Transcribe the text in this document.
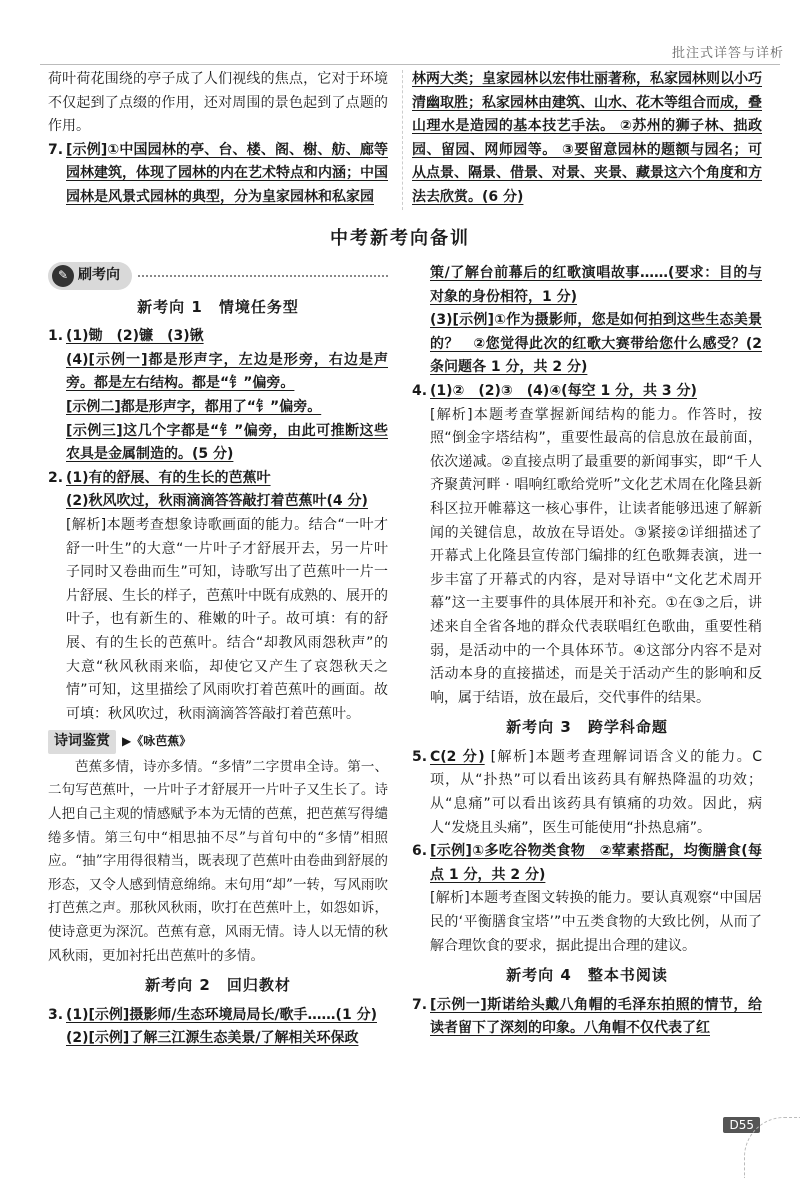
批注式详答与详析

荷叶荷花围绕的亭子成了人们视线的焦点，它对于环境不仅起到了点缀的作用，还对周围的景色起到了点题的作用。

7. [示例]①中国园林的亭、台、楼、阁、榭、舫、廊等园林建筑，体现了园林的内在艺术特点和内涵；中国园林是风景式园林的典型，分为皇家园林和私家园

林两大类；皇家园林以宏伟壮丽著称，私家园林则以小巧清幽取胜；私家园林由建筑、山水、花木等组合而成，叠山理水是造园的基本技艺手法。 ②苏州的狮子林、拙政园、留园、网师园等。 ③要留意园林的题额与园名；可从点景、隔景、借景、对景、夹景、藏景这六个角度和方法去欣赏。(6 分)

中考新考向备训
✎ 刷考向
新考向 1　情境任务型

1. (1)锄　(2)镰　(3)锹

(4)[示例一]都是形声字，左边是形旁，右边是声旁。都是左右结构。都是“钅”偏旁。

[示例二]都是形声字，都用了“钅”偏旁。

[示例三]这几个字都是“钅”偏旁，由此可推断这些农具是金属制造的。(5 分)

2. (1)有的舒展、有的生长的芭蕉叶

(2)秋风吹过，秋雨滴滴答答敲打着芭蕉叶(4 分)

[解析]本题考查想象诗歌画面的能力。结合“一叶才舒一叶生”的大意“一片叶子才舒展开去，另一片叶子同时又卷曲而生”可知，诗歌写出了芭蕉叶一片一片舒展、生长的样子，芭蕉叶中既有成熟的、展开的叶子，也有新生的、稚嫩的叶子。故可填：有的舒展、有的生长的芭蕉叶。结合“却教风雨怨秋声”的大意“秋风秋雨来临，却使它又产生了哀怨秋天之情”可知，这里描绘了风雨吹打着芭蕉叶的画面。故可填：秋风吹过，秋雨滴滴答答敲打着芭蕉叶。

诗词鉴赏	▶《咏芭蕉》

芭蕉多情，诗亦多情。“多情”二字贯串全诗。第一、二句写芭蕉叶，一片叶子才舒展开一片叶子又生长了。诗人把自己主观的情感赋予本为无情的芭蕉，把芭蕉写得缱绻多情。第三句中“相思抽不尽”与首句中的“多情”相照应。“抽”字用得很精当，既表现了芭蕉叶由卷曲到舒展的形态，又令人感到情意绵绵。末句用“却”一转，写风雨吹打芭蕉之声。那秋风秋雨，吹打在芭蕉叶上，如怨如诉，使诗意更为深沉。芭蕉有意，风雨无情。诗人以无情的秋风秋雨，更加衬托出芭蕉叶的多情。

新考向 2　回归教材

3. (1)[示例]摄影师/生态环境局局长/歌手……(1 分)

(2)[示例]了解三江源生态美景/了解相关环保政

策/了解台前幕后的红歌演唱故事……(要求：目的与对象的身份相符，1 分)

(3)[示例]①作为摄影师，您是如何拍到这些生态美景的？　②您觉得此次的红歌大赛带给您什么感受？(2 条问题各 1 分，共 2 分)

4. (1)②　(2)③　(4)④(每空 1 分，共 3 分)

[解析]本题考查掌握新闻结构的能力。作答时，按照“倒金字塔结构”，重要性最高的信息放在最前面，依次递减。②直接点明了最重要的新闻事实，即“千人齐聚黄河畔 · 唱响红歌给党听”文化艺术周在化隆县新科区拉开帷幕这一核心事件，让读者能够迅速了解新闻的关键信息，故放在导语处。③紧接②详细描述了开幕式上化隆县宣传部门编排的红色歌舞表演，进一步丰富了开幕式的内容，是对导语中“文化艺术周开幕”这一主要事件的具体展开和补充。①在③之后，讲述来自全省各地的群众代表联唱红色歌曲，重要性稍弱，是活动中的一个具体环节。④这部分内容不是对活动本身的直接描述，而是关于活动产生的影响和反响，属于结语，放在最后，交代事件的结果。

新考向 3　跨学科命题

5. C(2 分) [解析]本题考查理解词语含义的能力。C 项，从“扑热”可以看出该药具有解热降温的功效；从“息痛”可以看出该药具有镇痛的功效。因此，病人“发烧且头痛”，医生可能使用“扑热息痛”。

6. [示例]①多吃谷物类食物　②荤素搭配，均衡膳食(每点 1 分，共 2 分)

[解析]本题考查图文转换的能力。要认真观察“中国居民的‘平衡膳食宝塔’”中五类食物的大致比例，从而了解合理饮食的要求，据此提出合理的建议。

新考向 4　整本书阅读

7. [示例一]斯诺给头戴八角帽的毛泽东拍照的情节，给读者留下了深刻的印象。八角帽不仅代表了红

D55
